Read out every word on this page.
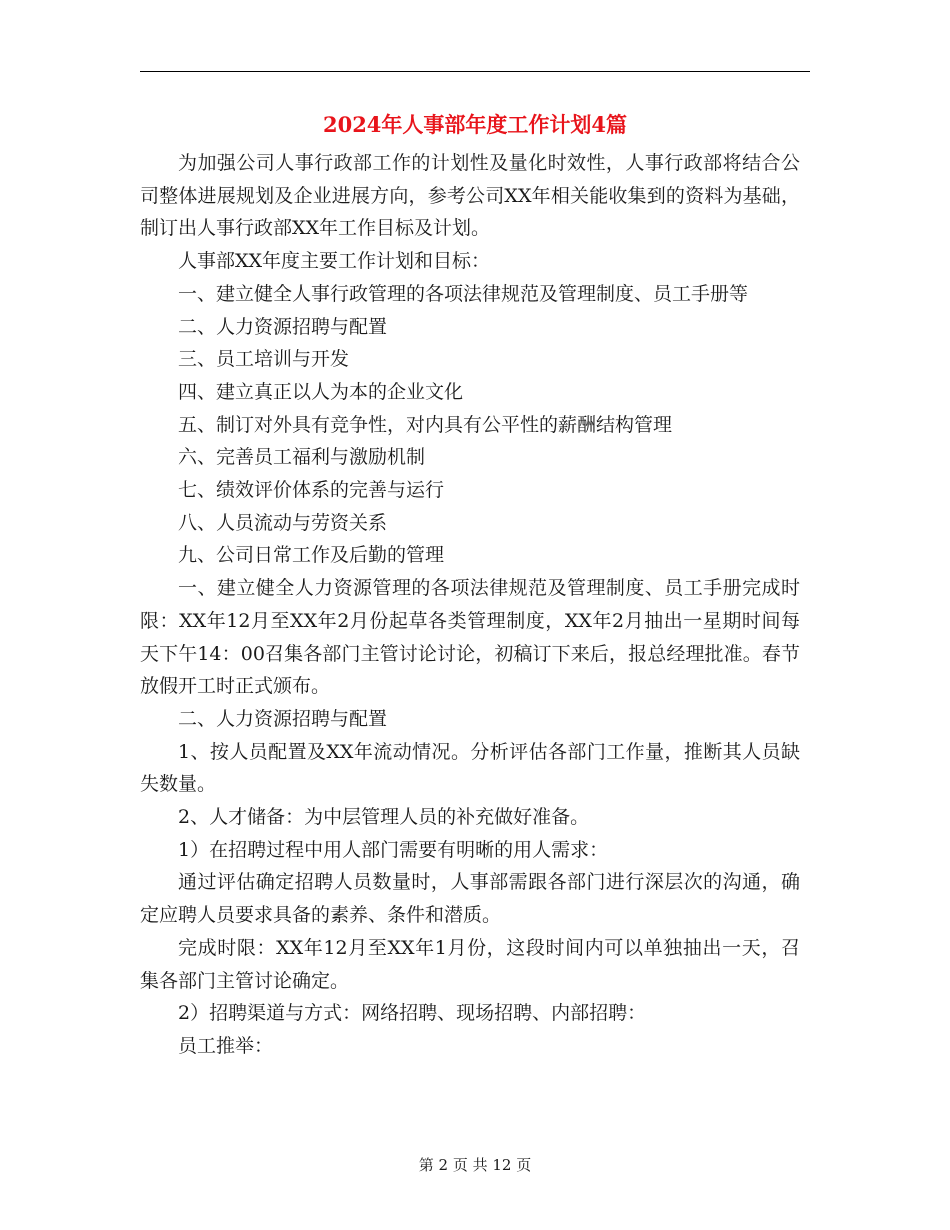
2024年人事部年度工作计划4篇

为加强公司人事行政部工作的计划性及量化时效性，人事行政部将结合公司整体进展规划及企业进展方向，参考公司XX年相关能收集到的资料为基础，制订出人事行政部XX年工作目标及计划。

人事部XX年度主要工作计划和目标：

一、建立健全人事行政管理的各项法律规范及管理制度、员工手册等

二、人力资源招聘与配置

三、员工培训与开发

四、建立真正以人为本的企业文化

五、制订对外具有竞争性，对内具有公平性的薪酬结构管理

六、完善员工福利与激励机制

七、绩效评价体系的完善与运行

八、人员流动与劳资关系

九、公司日常工作及后勤的管理

一、建立健全人力资源管理的各项法律规范及管理制度、员工手册完成时限：XX年12月至XX年2月份起草各类管理制度，XX年2月抽出一星期时间每天下午14：00召集各部门主管讨论讨论，初稿订下来后，报总经理批准。春节放假开工时正式颁布。

二、人力资源招聘与配置

1、按人员配置及XX年流动情况。分析评估各部门工作量，推断其人员缺失数量。

2、人才储备：为中层管理人员的补充做好准备。

1）在招聘过程中用人部门需要有明晰的用人需求：

通过评估确定招聘人员数量时，人事部需跟各部门进行深层次的沟通，确定应聘人员要求具备的素养、条件和潜质。

完成时限：XX年12月至XX年1月份，这段时间内可以单独抽出一天，召集各部门主管讨论确定。

2）招聘渠道与方式：网络招聘、现场招聘、内部招聘：

员工推举：

第 2 页 共 12 页
